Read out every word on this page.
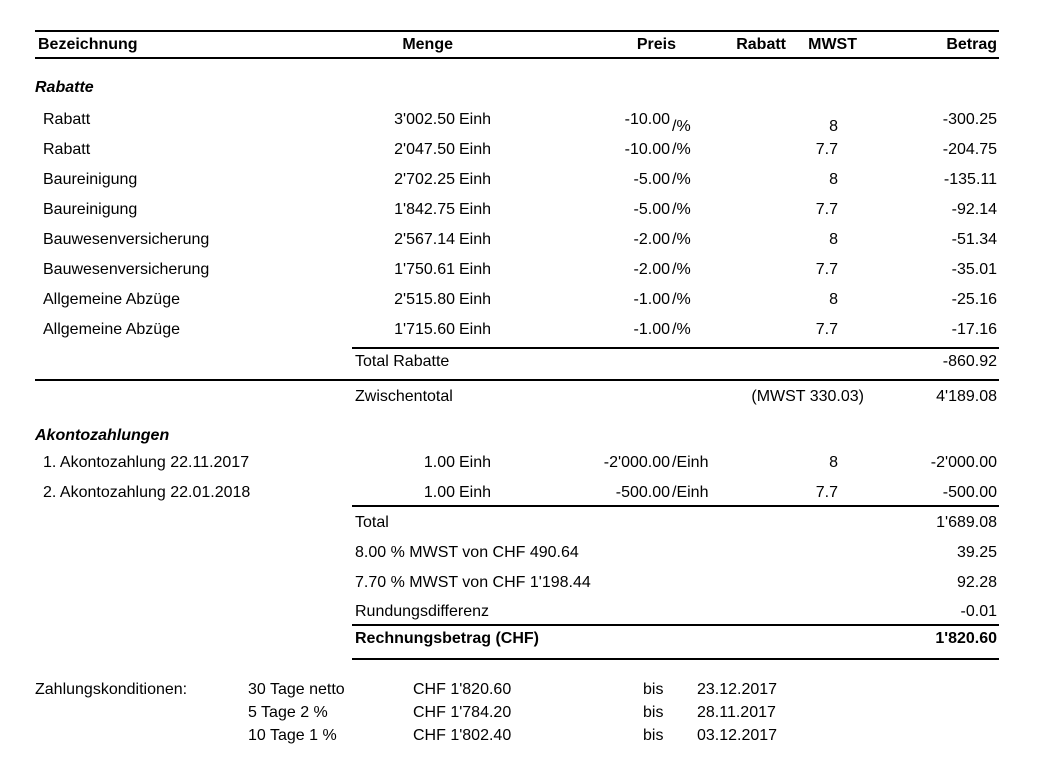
Bezeichnung	Menge	Preis	Rabatt	MWST	Betrag
Rabatte
Rabatt	3'002.50 Einh	-10.00 /%	8	-300.25
Rabatt	2'047.50 Einh	-10.00 /%	7.7	-204.75
Baureinigung	2'702.25 Einh	-5.00 /%	8	-135.11
Baureinigung	1'842.75 Einh	-5.00 /%	7.7	-92.14
Bauwesenversicherung	2'567.14 Einh	-2.00 /%	8	-51.34
Bauwesenversicherung	1'750.61 Einh	-2.00 /%	7.7	-35.01
Allgemeine Abzüge	2'515.80 Einh	-1.00 /%	8	-25.16
Allgemeine Abzüge	1'715.60 Einh	-1.00 /%	7.7	-17.16
Total Rabatte	-860.92
Zwischentotal	(MWST 330.03)	4'189.08
Akontozahlungen
1. Akontozahlung 22.11.2017	1.00 Einh	-2'000.00 /Einh	8	-2'000.00
2. Akontozahlung 22.01.2018	1.00 Einh	-500.00 /Einh	7.7	-500.00
Total	1'689.08
8.00 % MWST von CHF 490.64	39.25
7.70 % MWST von CHF 1'198.44	92.28
Rundungsdifferenz	-0.01
Rechnungsbetrag (CHF)	1'820.60
Zahlungskonditionen:	30 Tage netto	CHF 1'820.60	bis	23.12.2017
5 Tage 2 %	CHF 1'784.20	bis	28.11.2017
10 Tage 1 %	CHF 1'802.40	bis	03.12.2017
